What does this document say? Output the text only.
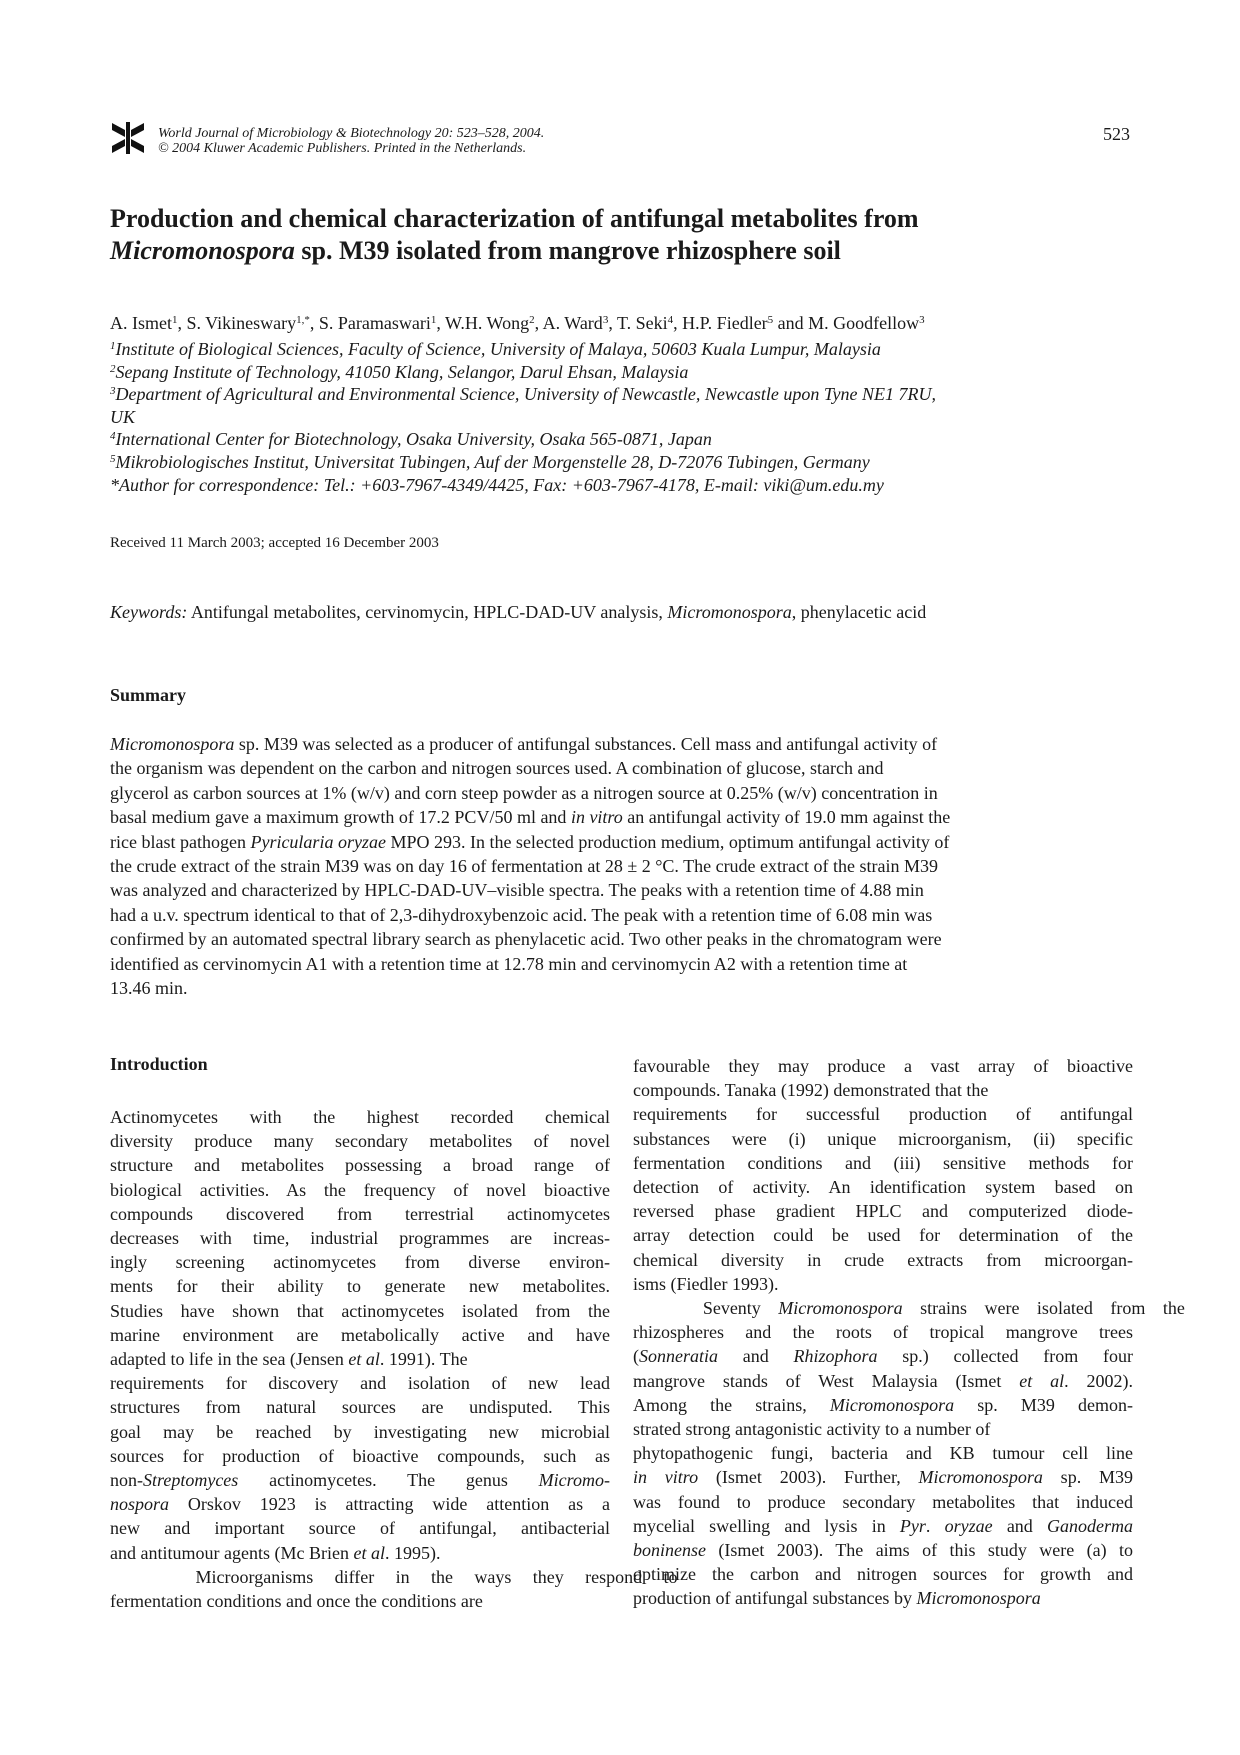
World Journal of Microbiology & Biotechnology 20: 523–528, 2004.
© 2004 Kluwer Academic Publishers. Printed in the Netherlands.
523
Production and chemical characterization of antifungal metabolites from
Micromonospora sp. M39 isolated from mangrove rhizosphere soil
A. Ismet$^1$, S. Vikineswary$^{1,*}$, S. Paramaswari$^1$, W.H. Wong$^2$, A. Ward$^3$, T. Seki$^4$, H.P. Fiedler$^5$ and M. Goodfellow$^3$
$^1$Institute of Biological Sciences, Faculty of Science, University of Malaya, 50603 Kuala Lumpur, Malaysia
$^2$Sepang Institute of Technology, 41050 Klang, Selangor, Darul Ehsan, Malaysia
$^3$Department of Agricultural and Environmental Science, University of Newcastle, Newcastle upon Tyne NE1 7RU,
UK
$^4$International Center for Biotechnology, Osaka University, Osaka 565-0871, Japan
$^5$Mikrobiologisches Institut, Universitat Tubingen, Auf der Morgenstelle 28, D-72076 Tubingen, Germany
*Author for correspondence: Tel.: +603-7967-4349/4425, Fax: +603-7967-4178, E-mail: viki@um.edu.my
Received 11 March 2003; accepted 16 December 2003
Keywords: Antifungal metabolites, cervinomycin, HPLC-DAD-UV analysis, Micromonospora, phenylacetic acid
Summary
Micromonospora sp. M39 was selected as a producer of antifungal substances. Cell mass and antifungal activity of
the organism was dependent on the carbon and nitrogen sources used. A combination of glucose, starch and
glycerol as carbon sources at 1% (w/v) and corn steep powder as a nitrogen source at 0.25% (w/v) concentration in
basal medium gave a maximum growth of 17.2 PCV/50 ml and in vitro an antifungal activity of 19.0 mm against the
rice blast pathogen Pyricularia oryzae MPO 293. In the selected production medium, optimum antifungal activity of
the crude extract of the strain M39 was on day 16 of fermentation at 28 ± 2 °C. The crude extract of the strain M39
was analyzed and characterized by HPLC-DAD-UV–visible spectra. The peaks with a retention time of 4.88 min
had a u.v. spectrum identical to that of 2,3-dihydroxybenzoic acid. The peak with a retention time of 6.08 min was
confirmed by an automated spectral library search as phenylacetic acid. Two other peaks in the chromatogram were
identified as cervinomycin A1 with a retention time at 12.78 min and cervinomycin A2 with a retention time at
13.46 min.
Introduction
Actinomycetes with the highest recorded chemical
diversity produce many secondary metabolites of novel
structure and metabolites possessing a broad range of
biological activities. As the frequency of novel bioactive
compounds discovered from terrestrial actinomycetes
decreases with time, industrial programmes are increas-
ingly screening actinomycetes from diverse environ-
ments for their ability to generate new metabolites.
Studies have shown that actinomycetes isolated from the
marine environment are metabolically active and have
adapted to life in the sea (Jensen et al. 1991). The
requirements for discovery and isolation of new lead
structures from natural sources are undisputed. This
goal may be reached by investigating new microbial
sources for production of bioactive compounds, such as
non-Streptomyces actinomycetes. The genus Micromo-
nospora Orskov 1923 is attracting wide attention as a
new and important source of antifungal, antibacterial
and antitumour agents (Mc Brien et al. 1995).
Microorganisms differ in the ways they respond to
fermentation conditions and once the conditions are
favourable they may produce a vast array of bioactive
compounds. Tanaka (1992) demonstrated that the
requirements for successful production of antifungal
substances were (i) unique microorganism, (ii) specific
fermentation conditions and (iii) sensitive methods for
detection of activity. An identification system based on
reversed phase gradient HPLC and computerized diode-
array detection could be used for determination of the
chemical diversity in crude extracts from microorgan-
isms (Fiedler 1993).
Seventy Micromonospora strains were isolated from the
rhizospheres and the roots of tropical mangrove trees
(Sonneratia and Rhizophora sp.) collected from four
mangrove stands of West Malaysia (Ismet et al. 2002).
Among the strains, Micromonospora sp. M39 demon-
strated strong antagonistic activity to a number of
phytopathogenic fungi, bacteria and KB tumour cell line
in vitro (Ismet 2003). Further, Micromonospora sp. M39
was found to produce secondary metabolites that induced
mycelial swelling and lysis in Pyr. oryzae and Ganoderma
boninense (Ismet 2003). The aims of this study were (a) to
optimize the carbon and nitrogen sources for growth and
production of antifungal substances by Micromonospora
